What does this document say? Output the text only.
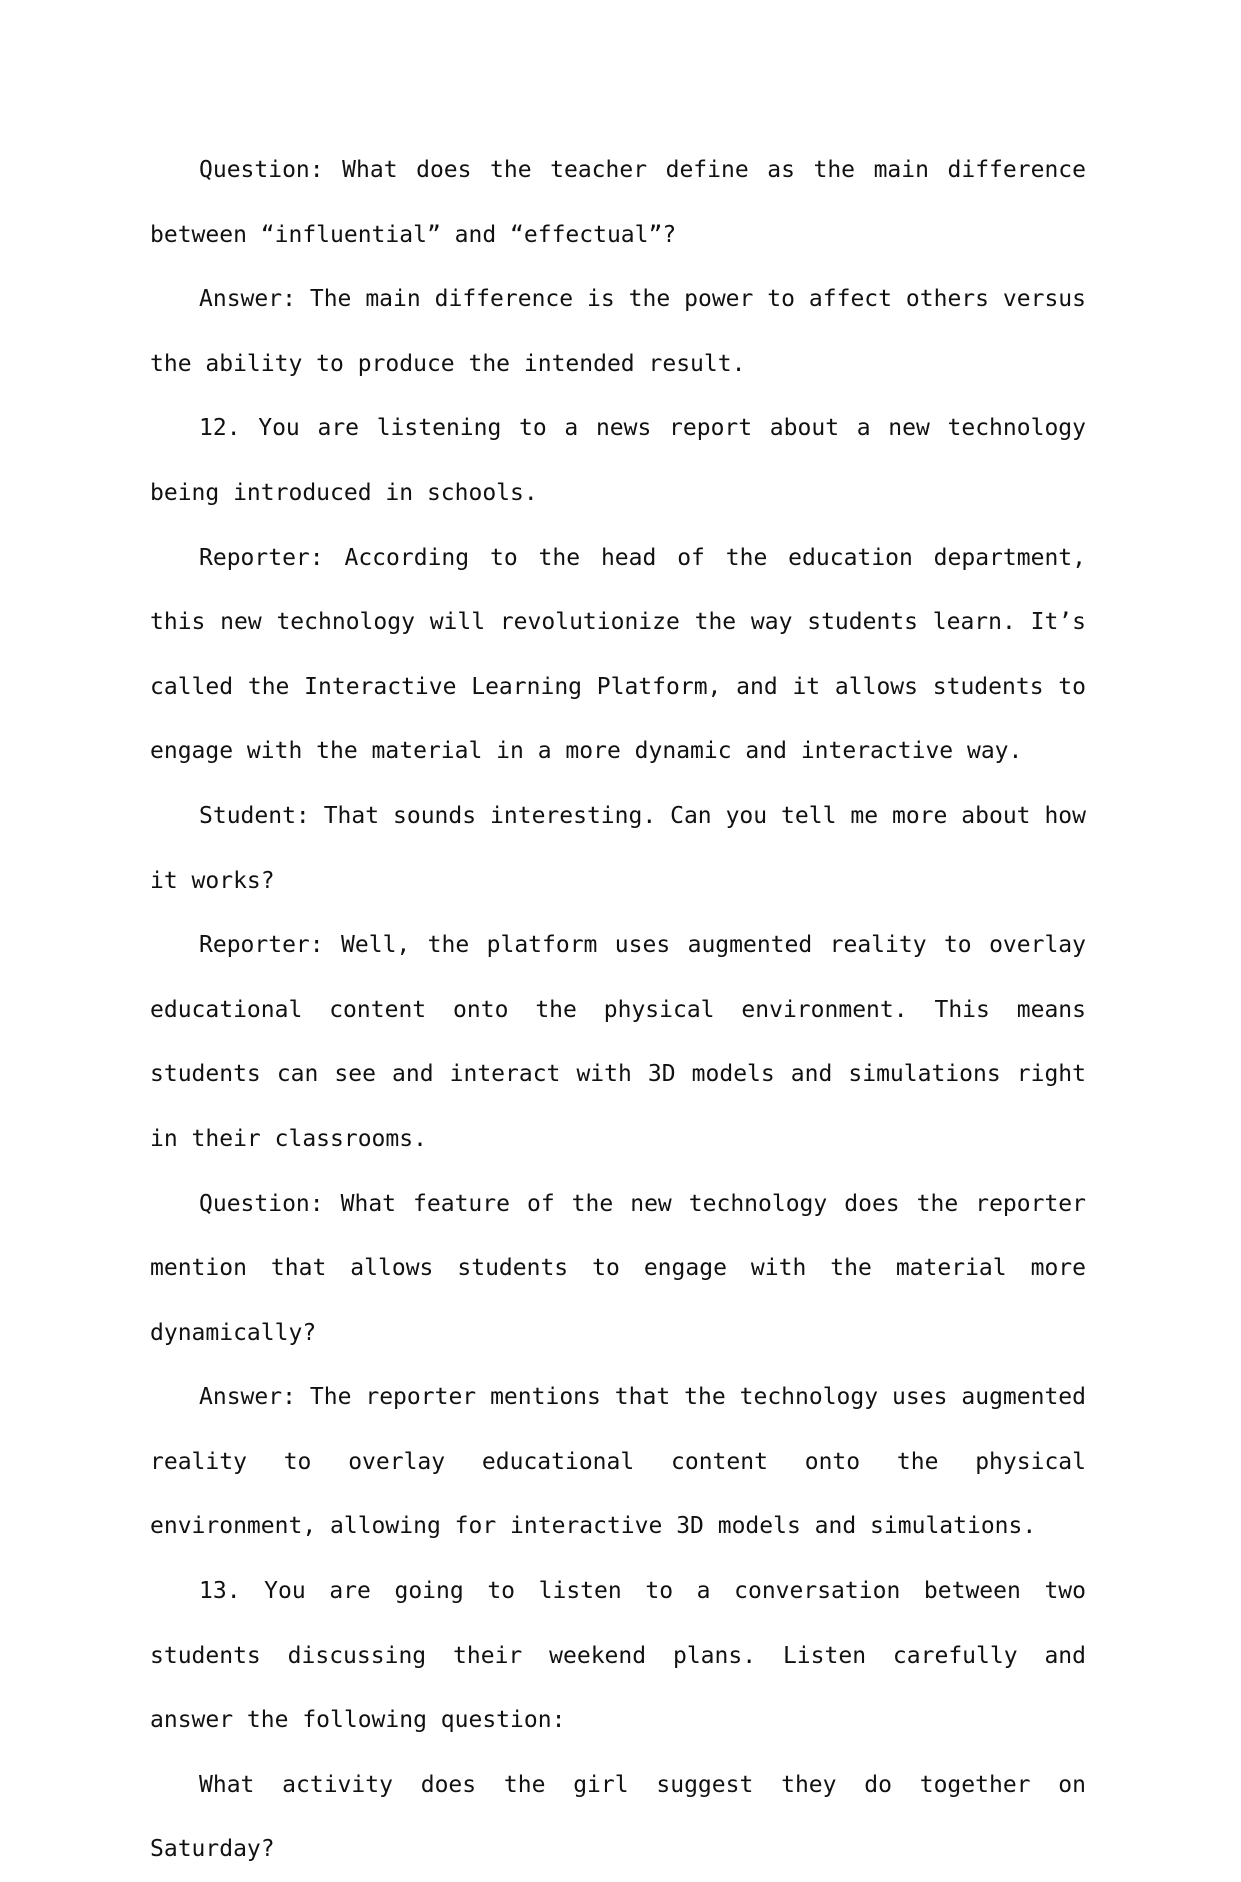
Question: What does the teacher define as the main difference between “influential” and “effectual”?

Answer: The main difference is the power to affect others versus the ability to produce the intended result.

12. You are listening to a news report about a new technology being introduced in schools.

Reporter: According to the head of the education department, this new technology will revolutionize the way students learn. It’s called the Interactive Learning Platform, and it allows students to engage with the material in a more dynamic and interactive way.

Student: That sounds interesting. Can you tell me more about how it works?

Reporter: Well, the platform uses augmented reality to overlay educational content onto the physical environment. This means students can see and interact with 3D models and simulations right in their classrooms.

Question: What feature of the new technology does the reporter mention that allows students to engage with the material more dynamically?

Answer: The reporter mentions that the technology uses augmented reality to overlay educational content onto the physical environment, allowing for interactive 3D models and simulations.

13. You are going to listen to a conversation between two students discussing their weekend plans. Listen carefully and answer the following question:

What activity does the girl suggest they do together on Saturday?
